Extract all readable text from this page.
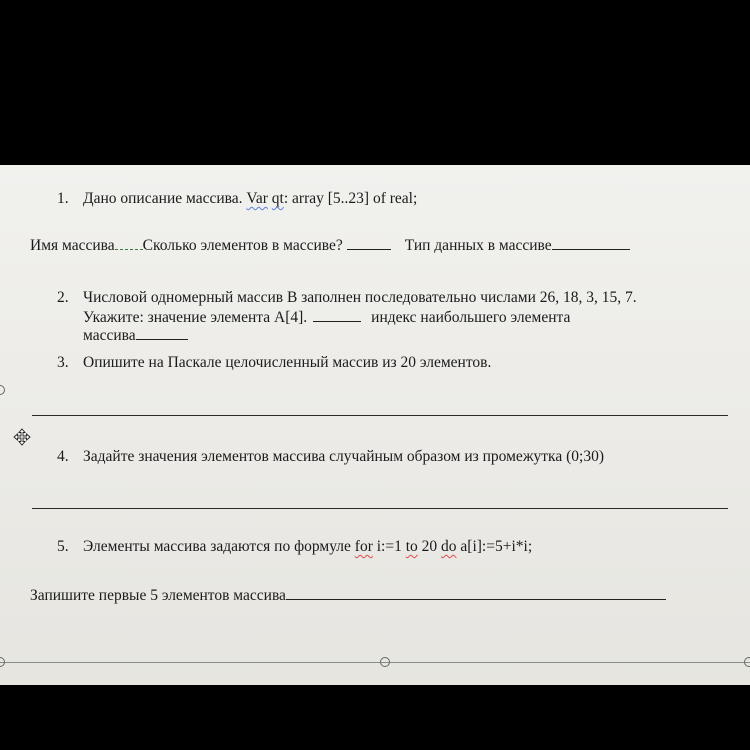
1. Дано описание массива. Var qt: array [5..23] of real;
Имя массива Сколько элементов в массиве?	Тип данных в массиве
2. Числовой одномерный массив В заполнен последовательно числами 26, 18, 3, 15, 7.
Укажите: значение элемента A[4].	индекс наибольшего элемента
массива
3. Опишите на Паскале целочисленный массив из 20 элементов.
4. Задайте значения элементов массива случайным образом из промежутка (0;30)
5. Элементы массива задаются по формуле for i:=1 to 20 do a[i]:=5+i*i;
Запишите первые 5 элементов массива
